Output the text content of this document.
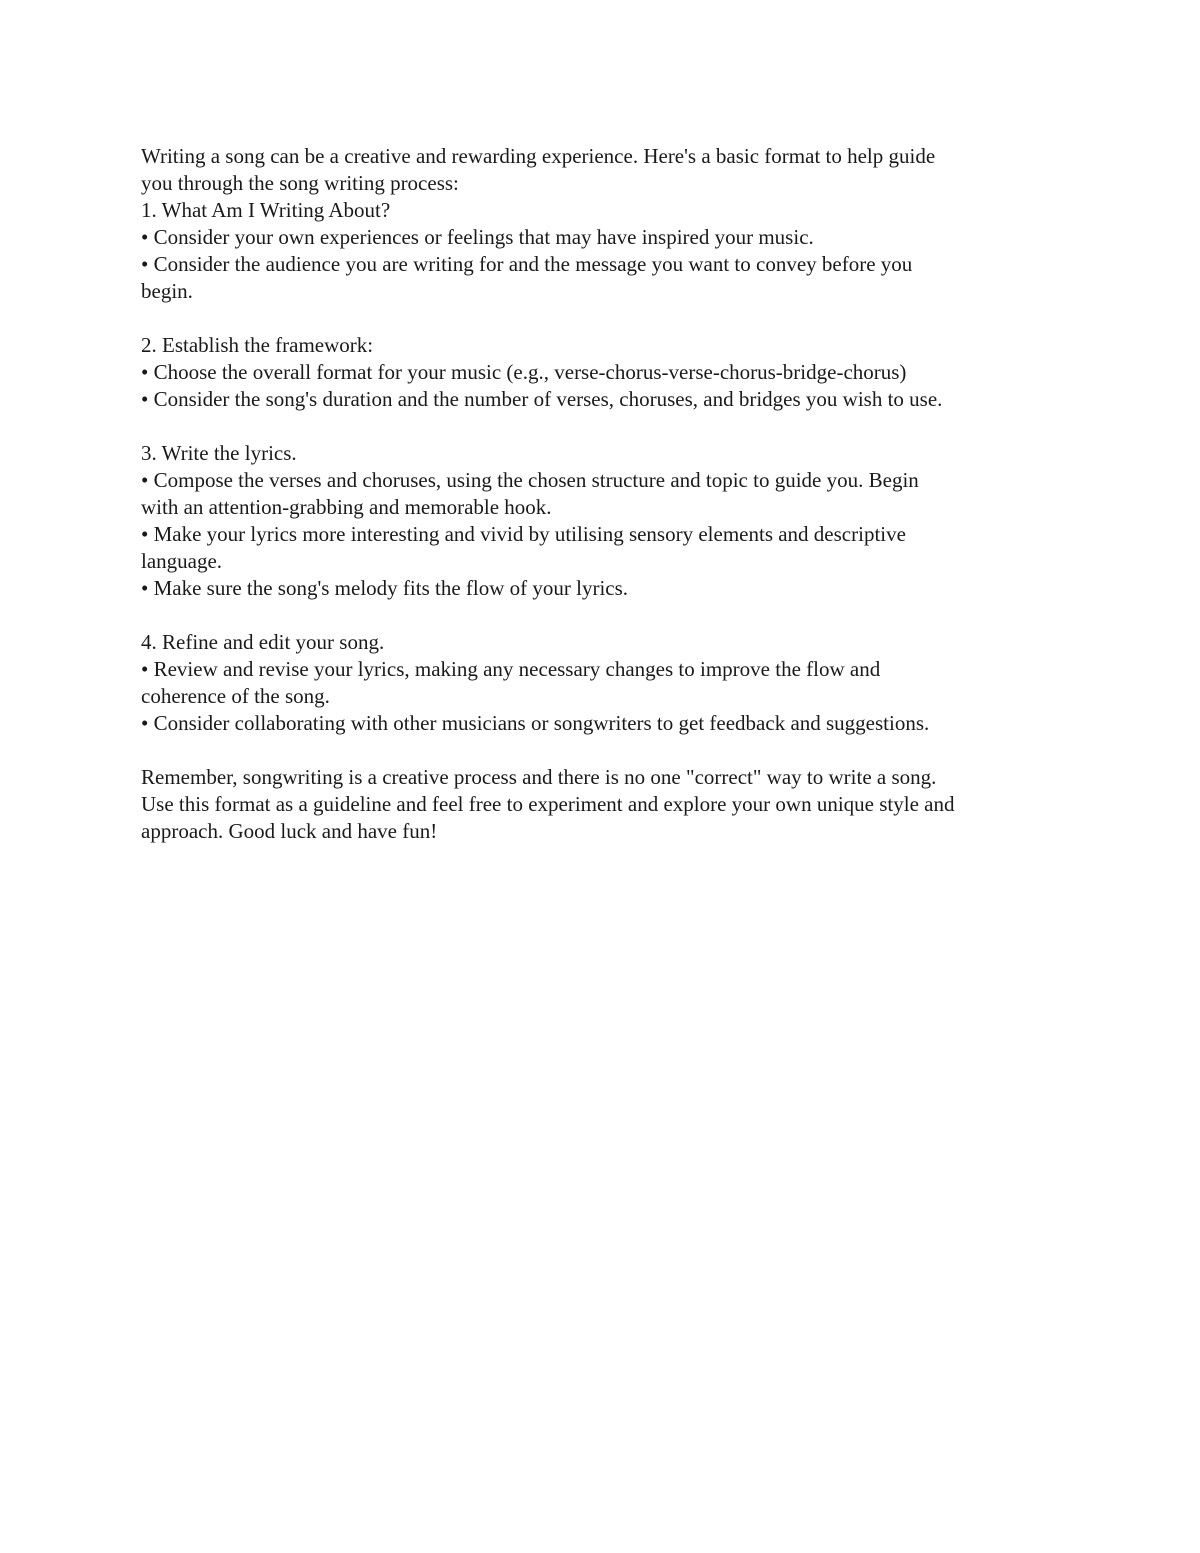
Writing a song can be a creative and rewarding experience. Here's a basic format to help guide
you through the song writing process:
1. What Am I Writing About?
• Consider your own experiences or feelings that may have inspired your music.
• Consider the audience you are writing for and the message you want to convey before you
begin.
2. Establish the framework:
• Choose the overall format for your music (e.g., verse-chorus-verse-chorus-bridge-chorus)
• Consider the song's duration and the number of verses, choruses, and bridges you wish to use.
3. Write the lyrics.
• Compose the verses and choruses, using the chosen structure and topic to guide you. Begin
with an attention-grabbing and memorable hook.
• Make your lyrics more interesting and vivid by utilising sensory elements and descriptive
language.
• Make sure the song's melody fits the flow of your lyrics.
4. Refine and edit your song.
• Review and revise your lyrics, making any necessary changes to improve the flow and
coherence of the song.
• Consider collaborating with other musicians or songwriters to get feedback and suggestions.
Remember, songwriting is a creative process and there is no one "correct" way to write a song.
Use this format as a guideline and feel free to experiment and explore your own unique style and
approach. Good luck and have fun!
